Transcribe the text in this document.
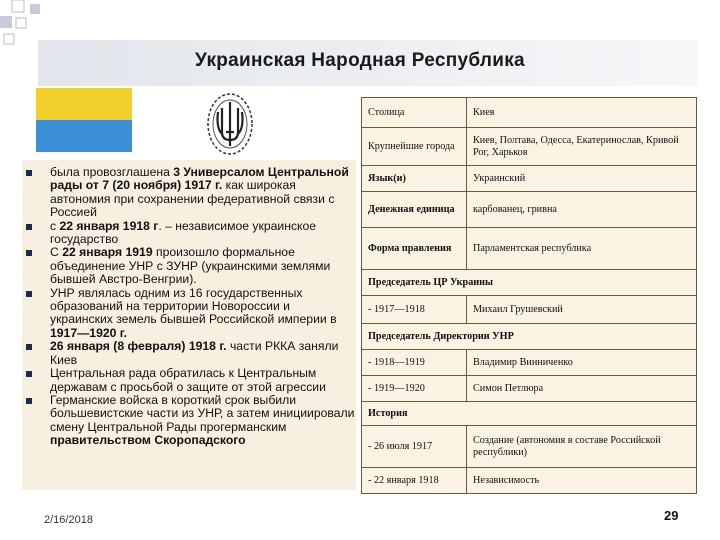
Украинская Народная Республика
была провозглашена 3 Универсалом Центральной рады от 7 (20 ноября) 1917 г. как широкая автономия при сохранении федеративной связи с Россией
с 22 января 1918 г. – независимое украинское государство
С 22 января 1919 произошло формальное объединение УНР с ЗУНР (украинскими землями бывшей Австро-Венгрии).
УНР являлась одним из 16 государственных образований на территории Новороссии и украинских земель бывшей Российской империи в 1917—1920 г.
26 января (8 февраля) 1918 г. части РККА заняли Киев
Центральная рада обратилась к Центральным державам с просьбой о защите от этой агрессии
Германские войска в короткий срок выбили большевистские части из УНР, а затем инициировали смену Центральной Рады прогерманским правительством Скоропадского
Столица	Киев
Крупнейшие города	Киев, Полтава, Одесса, Екатеринослав, Кривой Рог, Харьков
Язык(и)	Украинский
Денежная единица	карбованец, гривна
Форма правления	Парламентская республика
Председатель ЦР Украины	
- 1917—1918	Михаил Грушевский
Председатель Директории УНР	
- 1918—1919	Владимир Винниченко
- 1919—1920	Симон Петлюра
История	
- 26 июля 1917	Создание (автономия в составе Российской республики)
- 22 января 1918	Независимость
2/16/2018	29
